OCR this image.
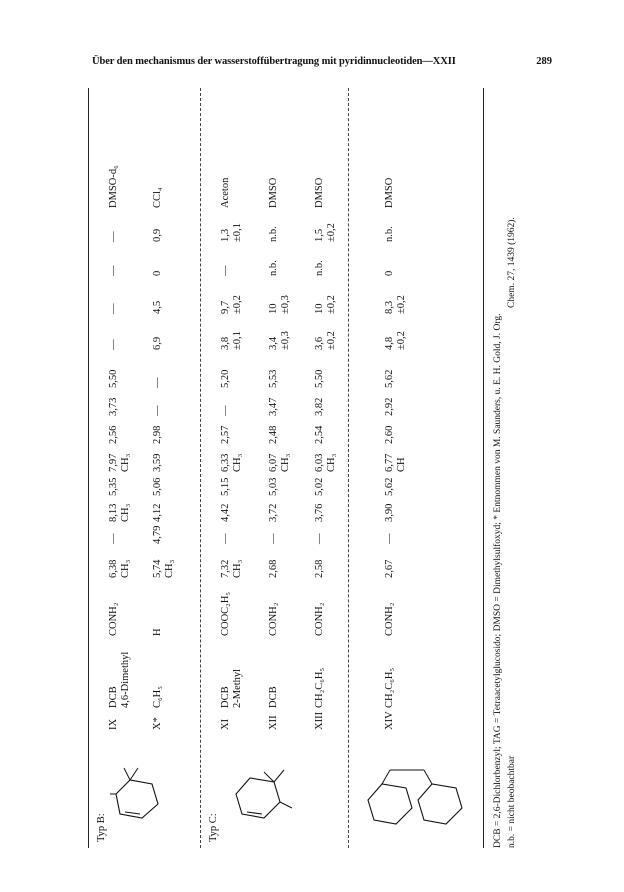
Über den mechanismus der wasserstoffübertragung mit pyridinnucleotiden—XXII	289
Typ B:	Typ C:
IX
DCB 4,6-Dimethyl
CONH₂
6,38 CH₃
—
8,13 CH₃
5,35
7,97 CH₃
2,56
3,73
5,50
—
—
—
—
DMSO-d₆
X*
C₆H₅
H
5,74 CH₃
4,79
4,12
5,06
3,59
2,98
—
—
6,9
4,5
0
0,9
CCl₄
XI
DCB 2-Methyl
COOC₂H₅
7,32 CH₃
—
4,42
5,15
6,33 CH₃
2,57
—
5,20
3,8 ±0,1
9,7 ±0,2
—
1,3 ±0,1
Aceton
XII
DCB
CONH₂
2,68
—
3,72
5,03
6,07 CH₃
2,48
3,47
5,53
3,4 ±0,3
10 ±0,3
n.b.
n.b.
DMSO
XIII
CH₂C₆H₅
CONH₂
2,58
—
3,76
5,02
6,03 CH₃
2,54
3,82
5,50
3,6 ±0,2
10 ±0,2
n.b.
1,5 ±0,2
DMSO
XIV
CH₂C₆H₅
CONH₂
2,67
—
3,90
5,62
6,77 CH
2,60
2,92
5,62
4,8 ±0,2
8,3 ±0,2
0
n.b.
DMSO
DCB = 2,6-Dichlorbenzyl; TAG = Tetraacetylglucosido; DMSO = Dimethylsulfoxyd; * Entnommen von M. Saunders, u. E. H. Gold, J. Org. n.b. = nicht beobachtbar
Chem. 27, 1439 (1962).
